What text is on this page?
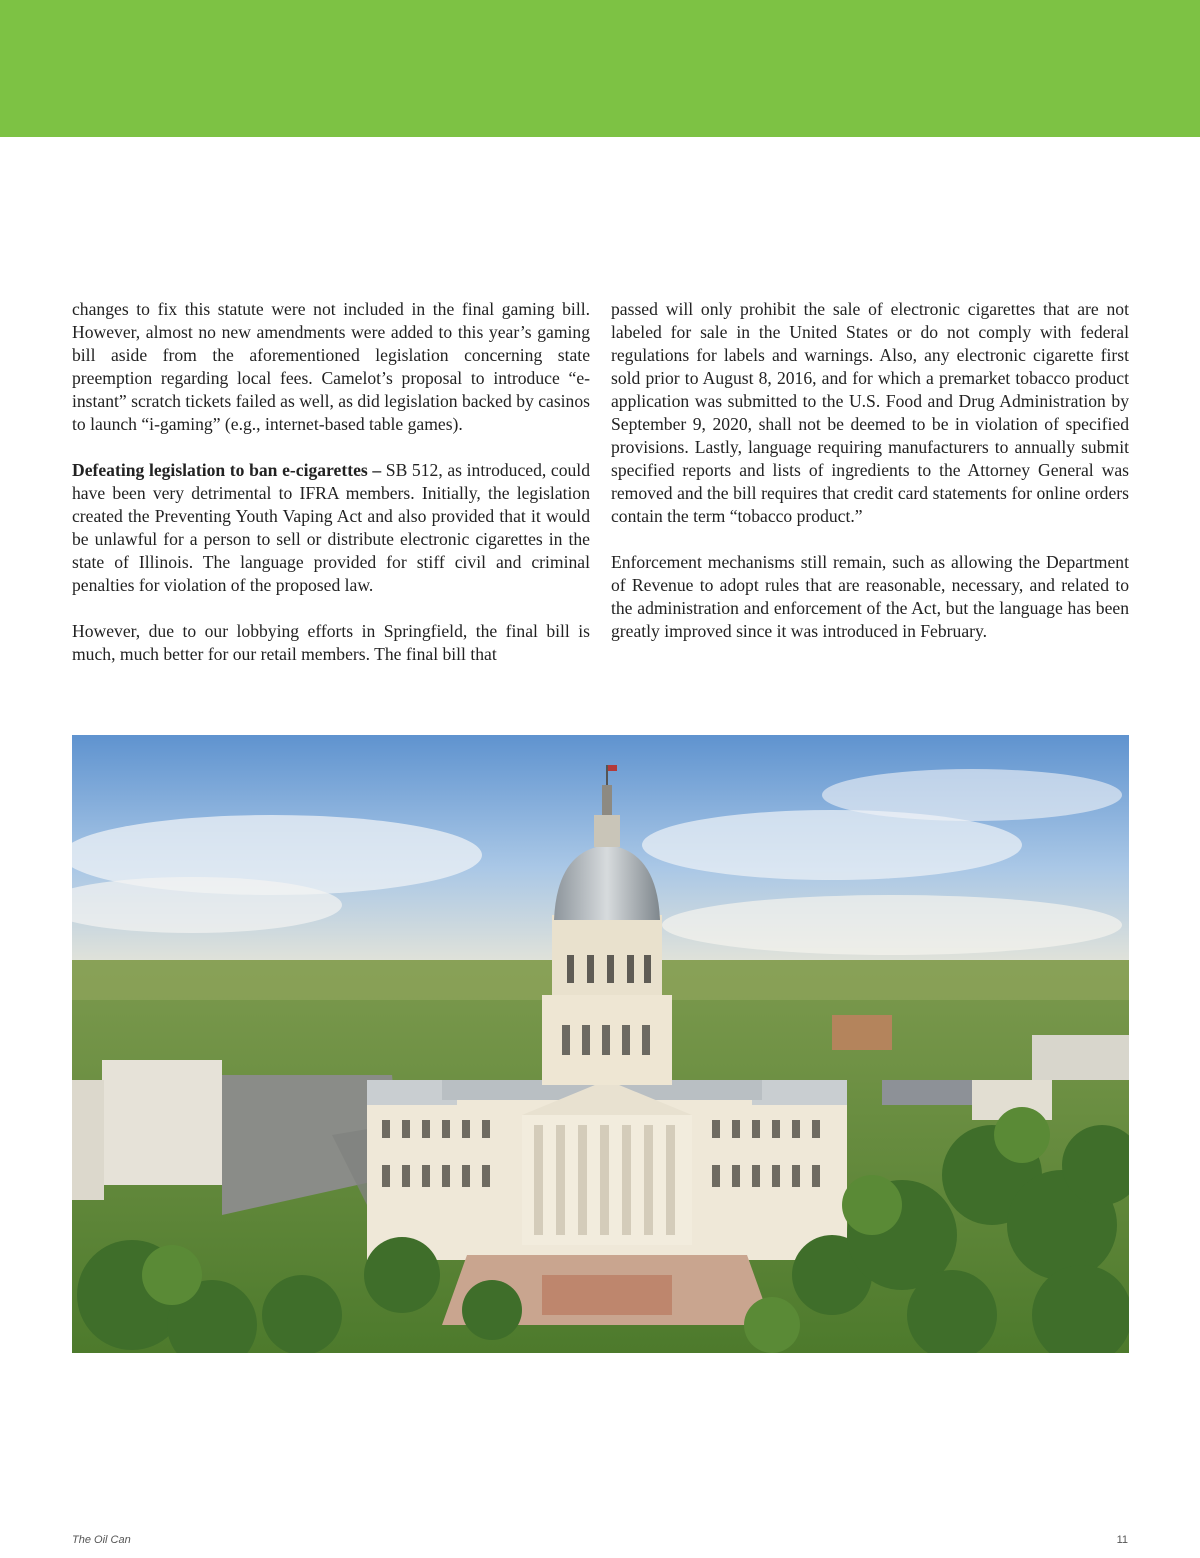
changes to fix this statute were not included in the final gaming bill. However, almost no new amendments were added to this year’s gaming bill aside from the aforementioned legislation concerning state preemption regarding local fees. Camelot’s proposal to introduce “e-instant” scratch tickets failed as well, as did legislation backed by casinos to launch “i-gaming” (e.g., internet-based table games).

Defeating legislation to ban e-cigarettes – SB 512, as introduced, could have been very detrimental to IFRA members. Initially, the legislation created the Preventing Youth Vaping Act and also provided that it would be unlawful for a person to sell or distribute electronic cigarettes in the state of Illinois. The language provided for stiff civil and criminal penalties for violation of the proposed law.

However, due to our lobbying efforts in Springfield, the final bill is much, much better for our retail members. The final bill that

passed will only prohibit the sale of electronic cigarettes that are not labeled for sale in the United States or do not comply with federal regulations for labels and warnings. Also, any electronic cigarette first sold prior to August 8, 2016, and for which a premarket tobacco product application was submitted to the U.S. Food and Drug Administration by September 9, 2020, shall not be deemed to be in violation of specified provisions. Lastly, language requiring manufacturers to annually submit specified reports and lists of ingredients to the Attorney General was removed and the bill requires that credit card statements for online orders contain the term “tobacco product.”

Enforcement mechanisms still remain, such as allowing the Department of Revenue to adopt rules that are reasonable, necessary, and related to the administration and enforcement of the Act, but the language has been greatly improved since it was introduced in February.

The Oil Can	11
